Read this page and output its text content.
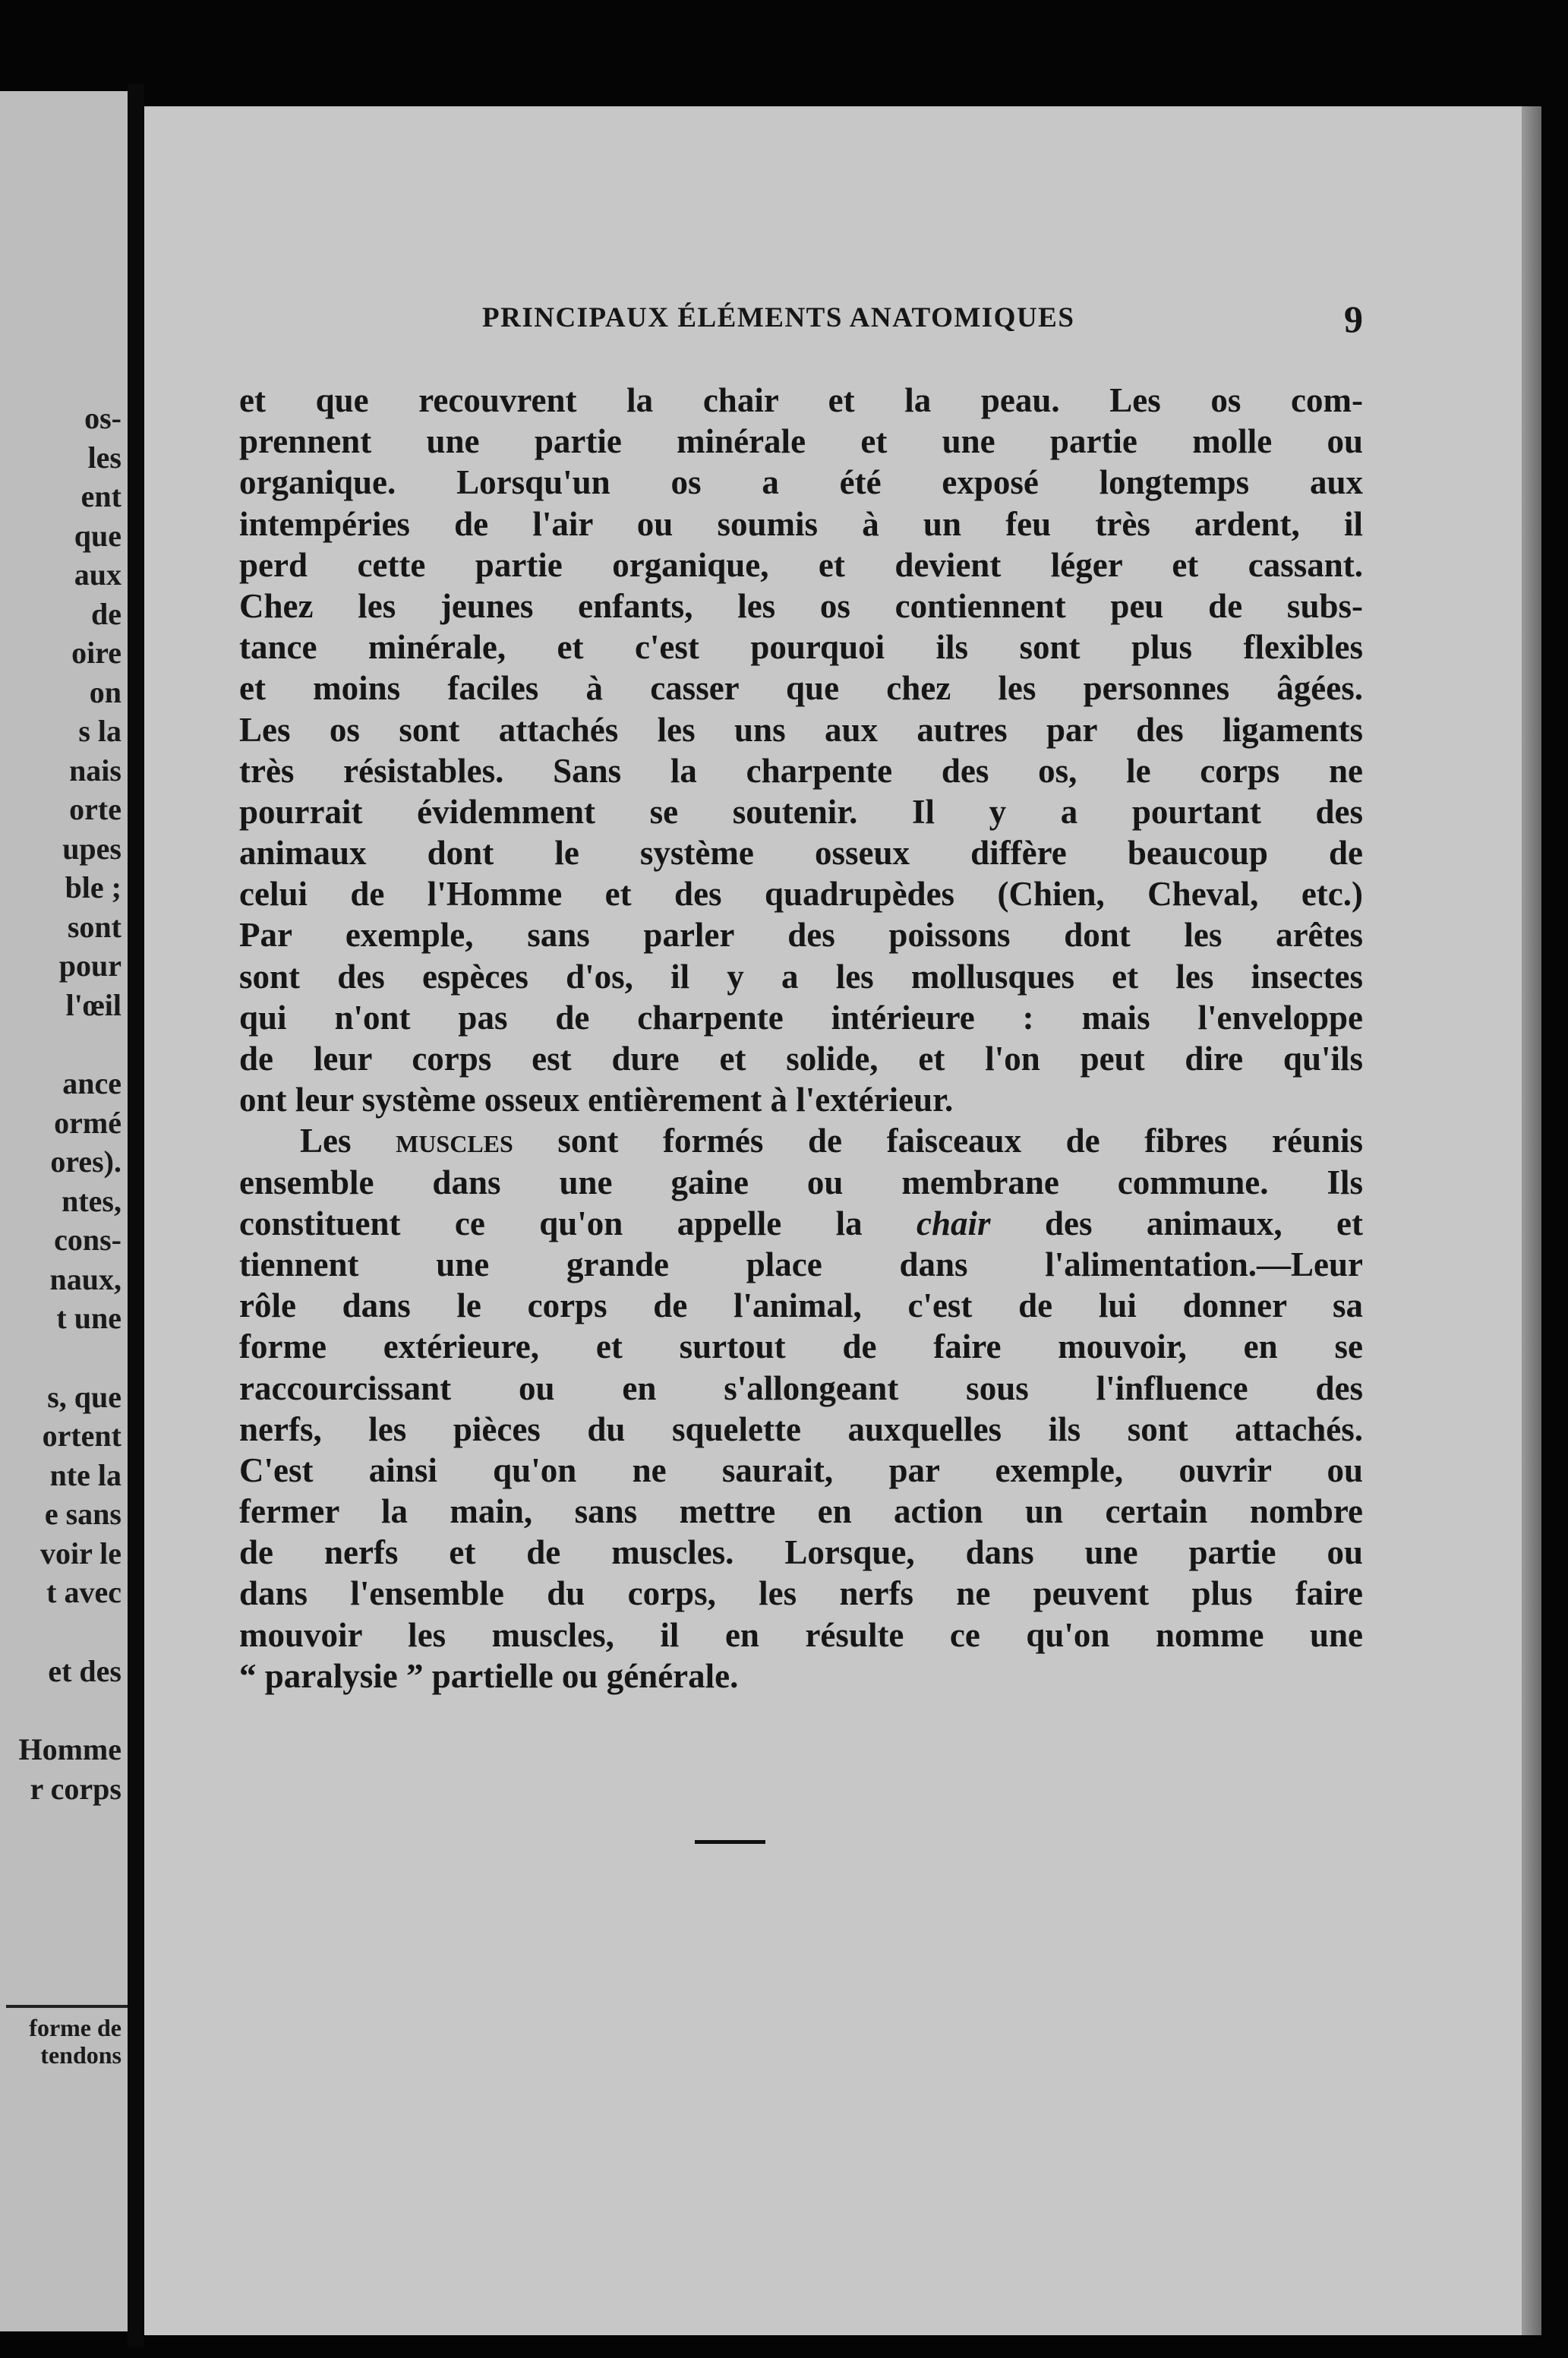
os-
les
ent
que
aux
de
oire
on
s la
nais
orte
upes
ble ;
sont
pour
l'œil
ance
ormé
ores).
ntes,
cons-
naux,
t une
s, que
ortent
nte la
e sans
voir le
t avec
et des
Homme
r corps
forme de
tendons
PRINCIPAUX ÉLÉMENTS ANATOMIQUES	9
et que recouvrent la chair et la peau. Les os com-
prennent une partie minérale et une partie molle ou
organique. Lorsqu'un os a été exposé longtemps aux
intempéries de l'air ou soumis à un feu très ardent, il
perd cette partie organique, et devient léger et cassant.
Chez les jeunes enfants, les os contiennent peu de subs-
tance minérale, et c'est pourquoi ils sont plus flexibles
et moins faciles à casser que chez les personnes âgées.
Les os sont attachés les uns aux autres par des ligaments
très résistables. Sans la charpente des os, le corps ne
pourrait évidemment se soutenir. Il y a pourtant des
animaux dont le système osseux diffère beaucoup de
celui de l'Homme et des quadrupèdes (Chien, Cheval, etc.)
Par exemple, sans parler des poissons dont les arêtes
sont des espèces d'os, il y a les mollusques et les insectes
qui n'ont pas de charpente intérieure : mais l'enveloppe
de leur corps est dure et solide, et l'on peut dire qu'ils
ont leur système osseux entièrement à l'extérieur.
Les muscles sont formés de faisceaux de fibres réunis
ensemble dans une gaine ou membrane commune. Ils
constituent ce qu'on appelle la chair des animaux, et
tiennent une grande place dans l'alimentation.—Leur
rôle dans le corps de l'animal, c'est de lui donner sa
forme extérieure, et surtout de faire mouvoir, en se
raccourcissant ou en s'allongeant sous l'influence des
nerfs, les pièces du squelette auxquelles ils sont attachés.
C'est ainsi qu'on ne saurait, par exemple, ouvrir ou
fermer la main, sans mettre en action un certain nombre
de nerfs et de muscles. Lorsque, dans une partie ou
dans l'ensemble du corps, les nerfs ne peuvent plus faire
mouvoir les muscles, il en résulte ce qu'on nomme une
“ paralysie ” partielle ou générale.
